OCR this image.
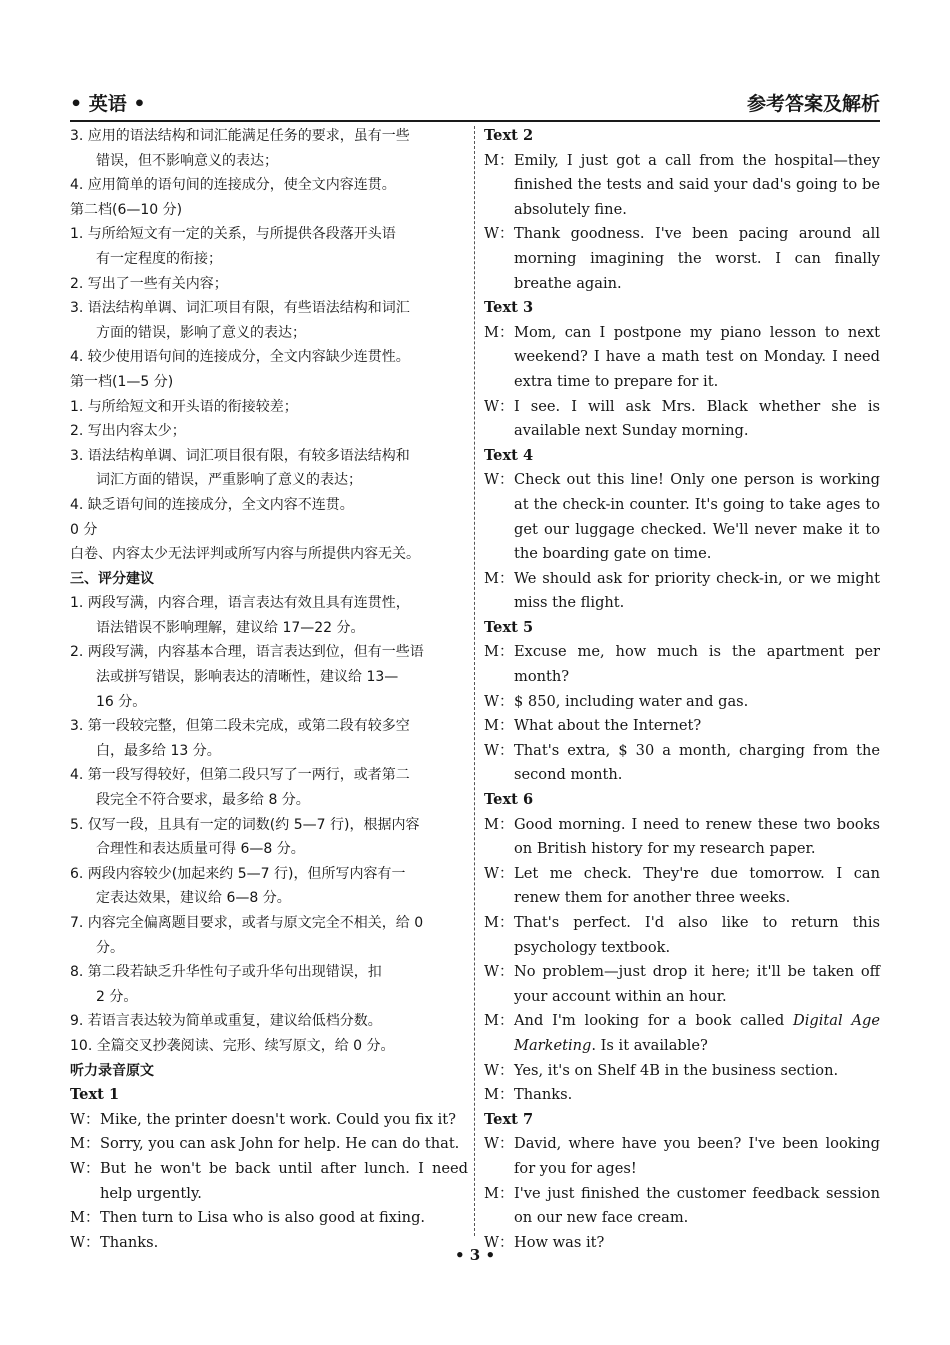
• 英语 •	参考答案及解析
3. 应用的语法结构和词汇能满足任务的要求，虽有一些
错误，但不影响意义的表达；
4. 应用简单的语句间的连接成分，使全文内容连贯。
第二档(6—10 分)
1. 与所给短文有一定的关系，与所提供各段落开头语
有一定程度的衔接；
2. 写出了一些有关内容；
3. 语法结构单调、词汇项目有限，有些语法结构和词汇
方面的错误，影响了意义的表达；
4. 较少使用语句间的连接成分，全文内容缺少连贯性。
第一档(1—5 分)
1. 与所给短文和开头语的衔接较差；
2. 写出内容太少；
3. 语法结构单调、词汇项目很有限，有较多语法结构和
词汇方面的错误，严重影响了意义的表达；
4. 缺乏语句间的连接成分，全文内容不连贯。
0 分
白卷、内容太少无法评判或所写内容与所提供内容无关。
三、评分建议
1. 两段写满，内容合理，语言表达有效且具有连贯性，
语法错误不影响理解，建议给 17—22 分。
2. 两段写满，内容基本合理，语言表达到位，但有一些语
法或拼写错误，影响表达的清晰性，建议给 13—
16 分。
3. 第一段较完整，但第二段未完成，或第二段有较多空
白，最多给 13 分。
4. 第一段写得较好，但第二段只写了一两行，或者第二
段完全不符合要求，最多给 8 分。
5. 仅写一段，且具有一定的词数(约 5—7 行)，根据内容
合理性和表达质量可得 6—8 分。
6. 两段内容较少(加起来约 5—7 行)，但所写内容有一
定表达效果，建议给 6—8 分。
7. 内容完全偏离题目要求，或者与原文完全不相关，给 0
分。
8. 第二段若缺乏升华性句子或升华句出现错误，扣
2 分。
9. 若语言表达较为简单或重复，建议给低档分数。
10. 全篇交叉抄袭阅读、完形、续写原文，给 0 分。
听力录音原文
Text 1
W： Mike, the printer doesn't work. Could you fix it?
M： Sorry, you can ask John for help. He can do that.
W： But he won't be back until after lunch. I need help urgently.
M： Then turn to Lisa who is also good at fixing.
W： Thanks.
Text 2
M： Emily, I just got a call from the hospital—they finished the tests and said your dad's going to be absolutely fine.
W： Thank goodness. I've been pacing around all morning imagining the worst. I can finally breathe again.
Text 3
M： Mom, can I postpone my piano lesson to next weekend? I have a math test on Monday. I need extra time to prepare for it.
W： I see. I will ask Mrs. Black whether she is available next Sunday morning.
Text 4
W： Check out this line! Only one person is working at the check-in counter. It's going to take ages to get our luggage checked. We'll never make it to the boarding gate on time.
M： We should ask for priority check-in, or we might miss the flight.
Text 5
M： Excuse me, how much is the apartment per month?
W： $ 850, including water and gas.
M： What about the Internet?
W： That's extra, $ 30 a month, charging from the second month.
Text 6
M： Good morning. I need to renew these two books on British history for my research paper.
W： Let me check. They're due tomorrow. I can renew them for another three weeks.
M： That's perfect. I'd also like to return this psychology textbook.
W： No problem—just drop it here; it'll be taken off your account within an hour.
M： And I'm looking for a book called Digital Age Marketing. Is it available?
W： Yes, it's on Shelf 4B in the business section.
M： Thanks.
Text 7
W： David, where have you been? I've been looking for you for ages!
M： I've just finished the customer feedback session on our new face cream.
W： How was it?
• 3 •
